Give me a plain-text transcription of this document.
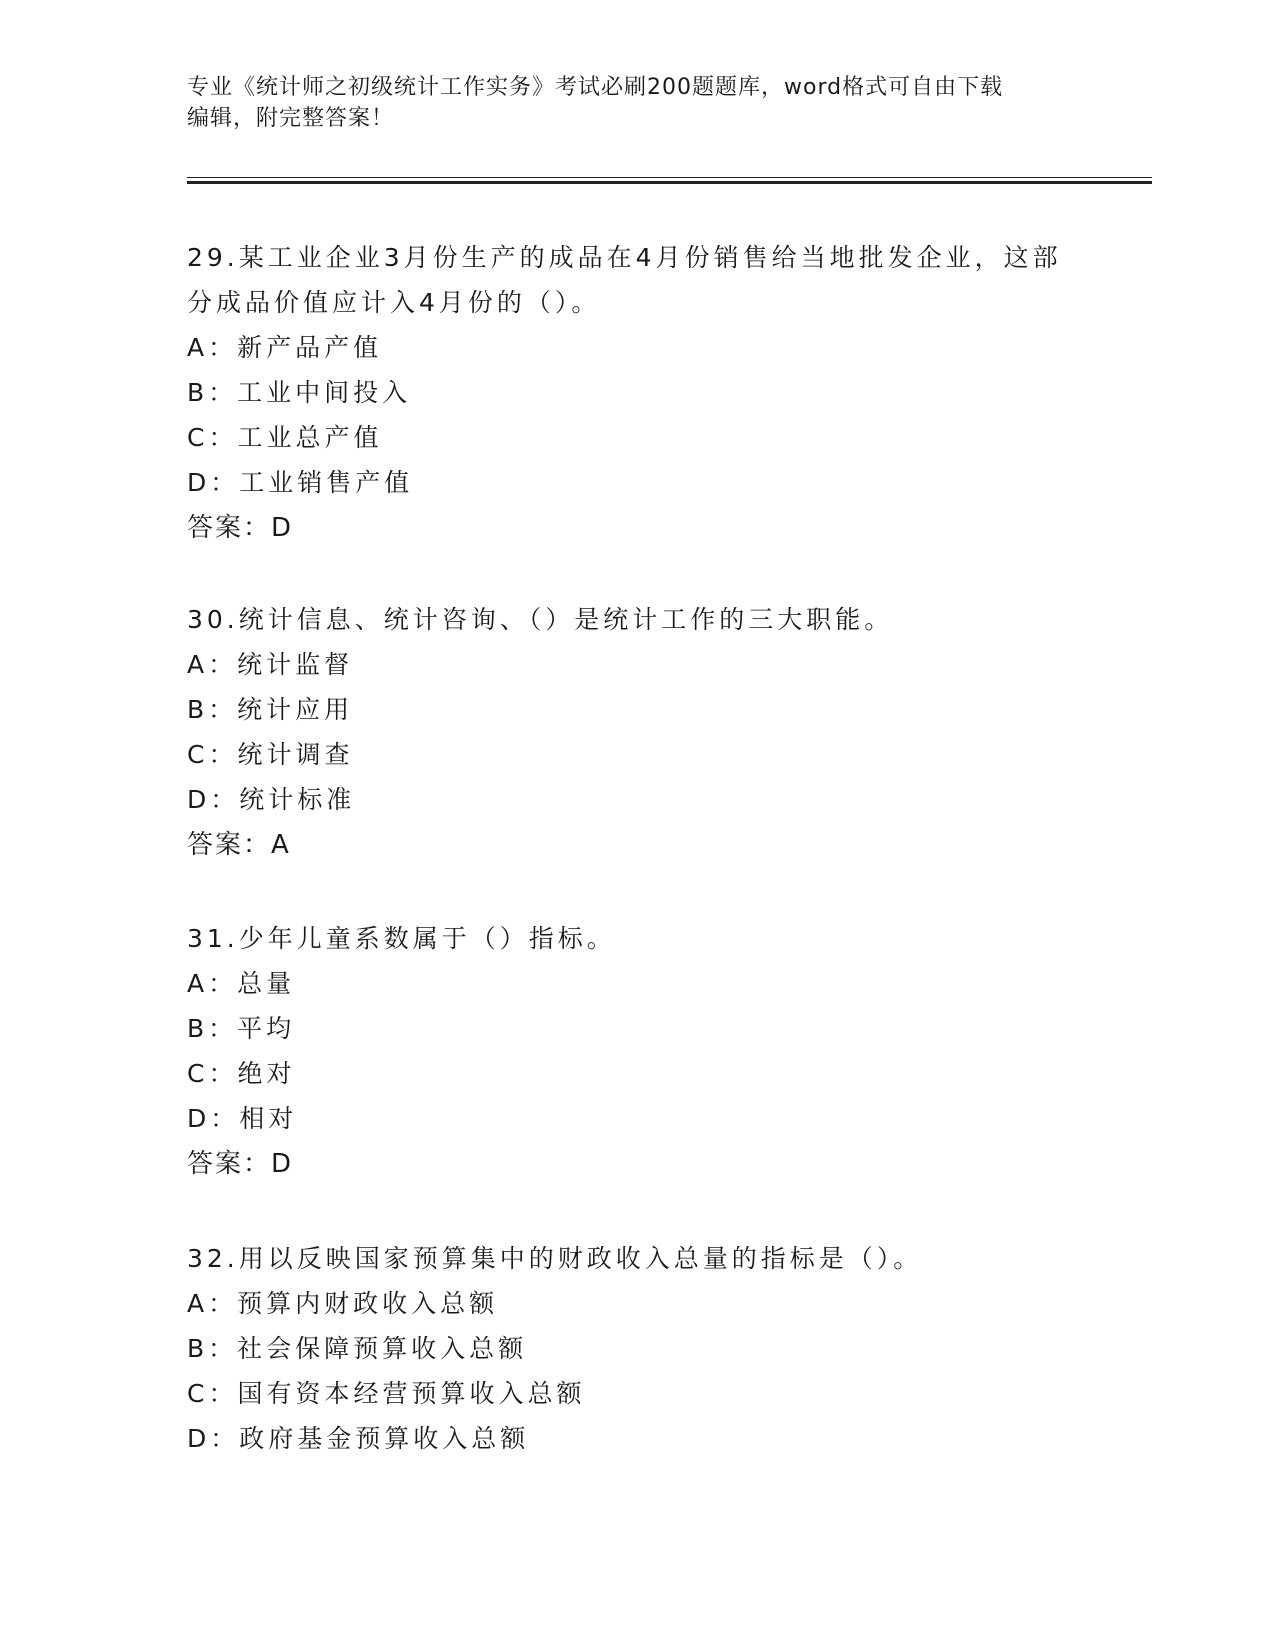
专业《统计师之初级统计工作实务》考试必刷200题题库，word格式可自由下载
编辑，附完整答案！
29.某工业企业3月份生产的成品在4月份销售给当地批发企业，这部
分成品价值应计入4月份的（）。
A：新产品产值
B：工业中间投入
C：工业总产值
D：工业销售产值
答案：D
30.统计信息、统计咨询、（）是统计工作的三大职能。
A：统计监督
B：统计应用
C：统计调查
D：统计标准
答案：A
31.少年儿童系数属于（）指标。
A：总量
B：平均
C：绝对
D：相对
答案：D
32.用以反映国家预算集中的财政收入总量的指标是（）。
A：预算内财政收入总额
B：社会保障预算收入总额
C：国有资本经营预算收入总额
D：政府基金预算收入总额
